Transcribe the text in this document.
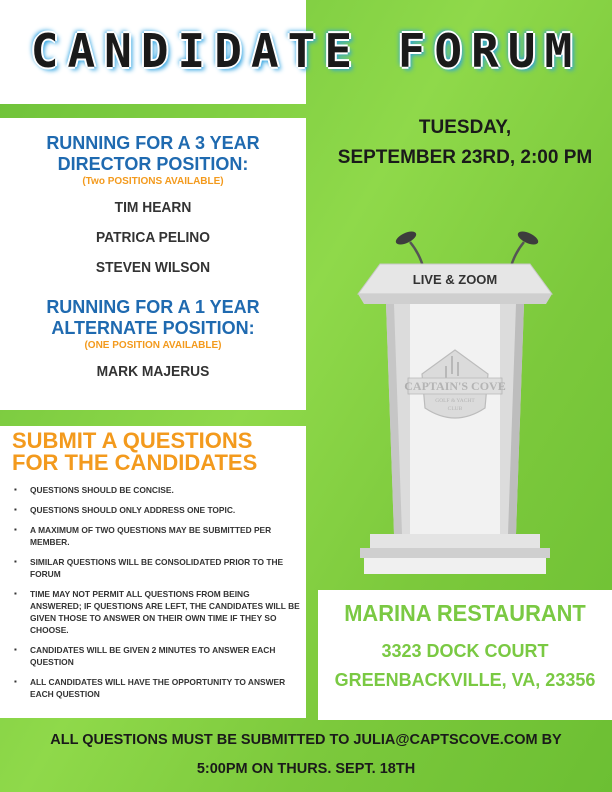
CANDIDATE FORUM
RUNNING FOR A 3 YEAR
DIRECTOR POSITION:
(Two POSITIONS AVAILABLE)
TIM HEARN
PATRICA PELINO
STEVEN WILSON
RUNNING FOR A 1 YEAR
ALTERNATE POSITION:
(ONE POSITION AVAILABLE)
MARK MAJERUS
SUBMIT A QUESTIONS
FOR THE CANDIDATES
▪ QUESTIONS SHOULD BE CONCISE.
▪ QUESTIONS SHOULD ONLY ADDRESS ONE TOPIC.
▪ A MAXIMUM OF TWO QUESTIONS MAY BE SUBMITTED PER MEMBER.
▪ SIMILAR QUESTIONS WILL BE CONSOLIDATED PRIOR TO THE FORUM
▪ TIME MAY NOT PERMIT ALL QUESTIONS FROM BEING ANSWERED; IF QUESTIONS ARE LEFT, THE CANDIDATES WILL BE GIVEN THOSE TO ANSWER ON THEIR OWN TIME IF THEY SO CHOOSE.
▪ CANDIDATES WILL BE GIVEN 2 MINUTES TO ANSWER EACH QUESTION
▪ ALL CANDIDATES WILL HAVE THE OPPORTUNITY TO ANSWER EACH QUESTION
TUESDAY,
SEPTEMBER 23RD, 2:00 PM
LIVE & ZOOM
CAPTAIN'S COVE
GOLF & YACHT
CLUB
MARINA RESTAURANT
3323 DOCK COURT
GREENBACKVILLE, VA, 23356
ALL QUESTIONS MUST BE SUBMITTED TO JULIA@CAPTSCOVE.COM BY
5:00PM ON THURS. SEPT. 18TH
